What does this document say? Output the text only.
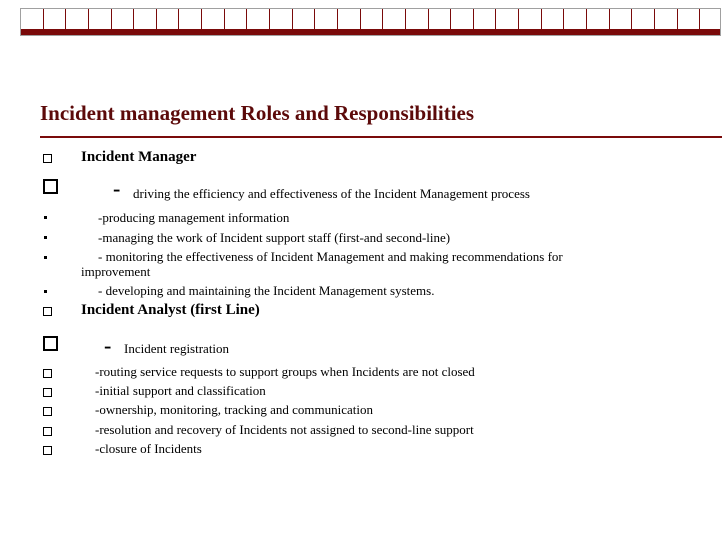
Incident management Roles and Responsibilities
Incident Manager
- driving the efficiency and effectiveness of the Incident Management process
-producing management information
-managing the work of Incident support staff (first-and second-line)
- monitoring the effectiveness of Incident Management and making recommendations for
improvement
- developing and maintaining the Incident Management systems.
Incident Analyst (first Line)
- Incident registration
-routing service requests to support groups when Incidents are not closed
-initial support and classification
-ownership, monitoring, tracking and communication
-resolution and recovery of Incidents not assigned to second-line support
-closure of Incidents
